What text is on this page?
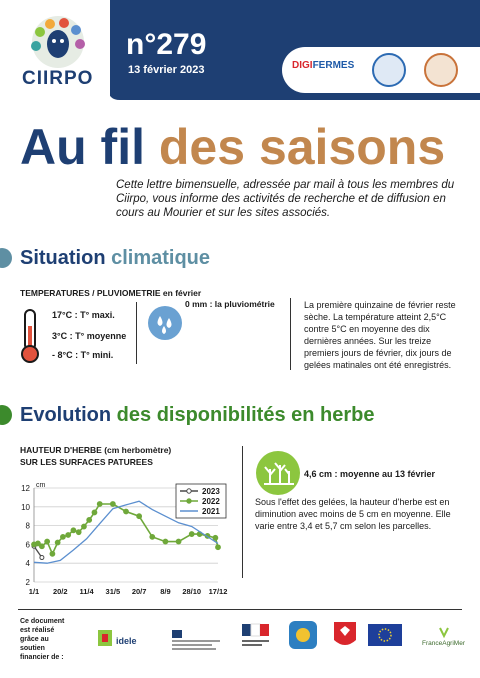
CIIRPO
n°279
13 février 2023	DIGIFERMES
Au fil des saisons
Cette lettre bimensuelle, adressée par mail à tous les membres du Ciirpo, vous informe des activités de recherche et de diffusion en cours au Mourier et sur les sites associés.
Situation climatique
TEMPERATURES / PLUVIOMETRIE en février
17°C : T° maxi.
3°C : T° moyenne
- 8°C : T° mini.
0 mm : la pluviométrie	La première quinzaine de février reste sèche. La température atteint 2,5°C contre 5°C en moyenne des dix dernières années. Sur les treize premiers jours de février, dix jours de gelées matinales ont été enregistrés.
Evolution des disponibilités en herbe
HAUTEUR D'HERBE (cm herbomètre)
SUR LES SURFACES PATUREES
2
4
6
8
10
12 cm
1/1 20/2 11/4 31/5 20/7 8/9 28/10 17/12
2023
2022
2021
4,6 cm : moyenne au 13 février
Sous l'effet des gelées, la hauteur d'herbe est en diminution avec moins de 5 cm en moyenne. Elle varie entre 3,4 et 5,7 cm selon les parcelles.
Ce document est réalisé grâce au soutien financier de :
idele	FranceAgriMer
